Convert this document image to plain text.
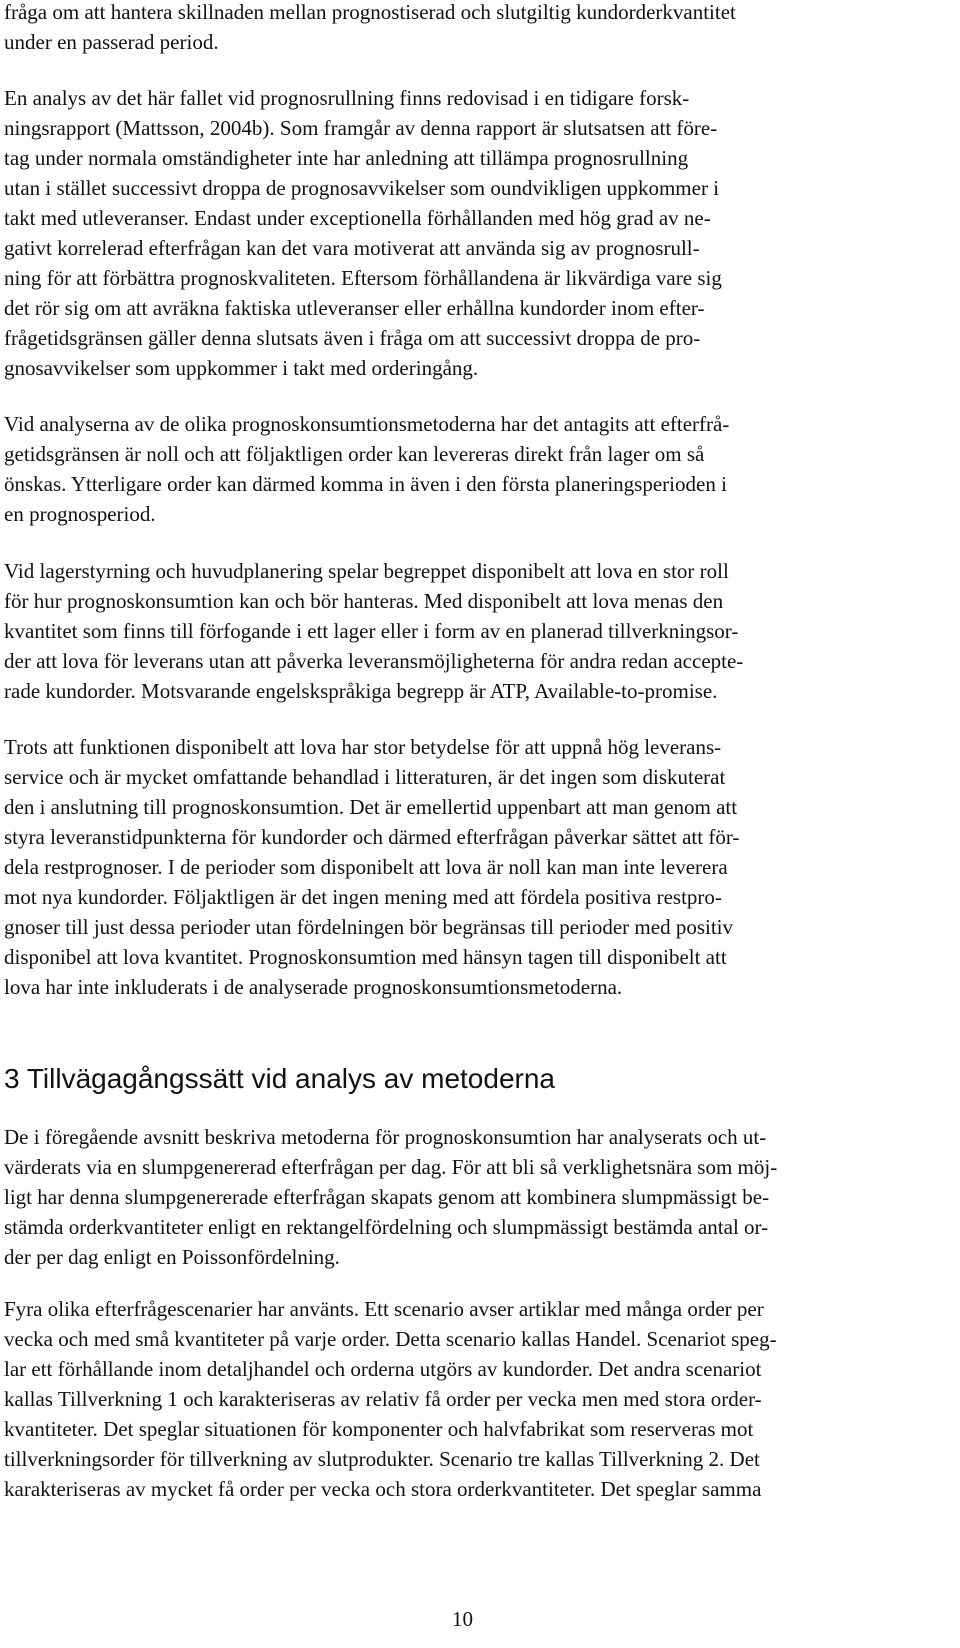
fråga om att hantera skillnaden mellan prognostiserad och slutgiltig kundorderkvantitet

under en passerad period.

En analys av det här fallet vid prognosrullning finns redovisad i en tidigare forsk-

ningsrapport (Mattsson, 2004b). Som framgår av denna rapport är slutsatsen att före-

tag under normala omständigheter inte har anledning att tillämpa prognosrullning

utan i stället successivt droppa de prognosavvikelser som oundvikligen uppkommer i

takt med utleveranser. Endast under exceptionella förhållanden med hög grad av ne-

gativt korrelerad efterfrågan kan det vara motiverat att använda sig av prognosrull-

ning för att förbättra prognoskvaliteten. Eftersom förhållandena är likvärdiga vare sig

det rör sig om att avräkna faktiska utleveranser eller erhållna kundorder inom efter-

frågetidsgränsen gäller denna slutsats även i fråga om att successivt droppa de pro-

gnosavvikelser som uppkommer i takt med orderingång.

Vid analyserna av de olika prognoskonsumtionsmetoderna har det antagits att efterfrå-

getidsgränsen är noll och att följaktligen order kan levereras direkt från lager om så

önskas. Ytterligare order kan därmed komma in även i den första planeringsperioden i

en prognosperiod.

Vid lagerstyrning och huvudplanering spelar begreppet disponibelt att lova en stor roll

för hur prognoskonsumtion kan och bör hanteras. Med disponibelt att lova menas den

kvantitet som finns till förfogande i ett lager eller i form av en planerad tillverkningsor-

der att lova för leverans utan att påverka leveransmöjligheterna för andra redan accepte-

rade kundorder. Motsvarande engelskspråkiga begrepp är ATP, Available-to-promise.

Trots att funktionen disponibelt att lova har stor betydelse för att uppnå hög leverans-

service och är mycket omfattande behandlad i litteraturen, är det ingen som diskuterat

den i anslutning till prognoskonsumtion. Det är emellertid uppenbart att man genom att

styra leveranstidpunkterna för kundorder och därmed efterfrågan påverkar sättet att för-

dela restprognoser. I de perioder som disponibelt att lova är noll kan man inte leverera

mot nya kundorder. Följaktligen är det ingen mening med att fördela positiva restpro-

gnoser till just dessa perioder utan fördelningen bör begränsas till perioder med positiv

disponibel att lova kvantitet. Prognoskonsumtion med hänsyn tagen till disponibelt att

lova har inte inkluderats i de analyserade prognoskonsumtionsmetoderna.

3 Tillvägagångssätt vid analys av metoderna

De i föregående avsnitt beskriva metoderna för prognoskonsumtion har analyserats och ut-

värderats via en slumpgenererad efterfrågan per dag. För att bli så verklighetsnära som möj-

ligt har denna slumpgenererade efterfrågan skapats genom att kombinera slumpmässigt be-

stämda orderkvantiteter enligt en rektangelfördelning och slumpmässigt bestämda antal or-

der per dag enligt en Poissonfördelning.

Fyra olika efterfrågescenarier har använts. Ett scenario avser artiklar med många order per

vecka och med små kvantiteter på varje order. Detta scenario kallas Handel. Scenariot speg-

lar ett förhållande inom detaljhandel och orderna utgörs av kundorder. Det andra scenariot

kallas Tillverkning 1 och karakteriseras av relativ få order per vecka men med stora order-

kvantiteter. Det speglar situationen för komponenter och halvfabrikat som reserveras mot

tillverkningsorder för tillverkning av slutprodukter. Scenario tre kallas Tillverkning 2. Det

karakteriseras av mycket få order per vecka och stora orderkvantiteter. Det speglar samma

10
